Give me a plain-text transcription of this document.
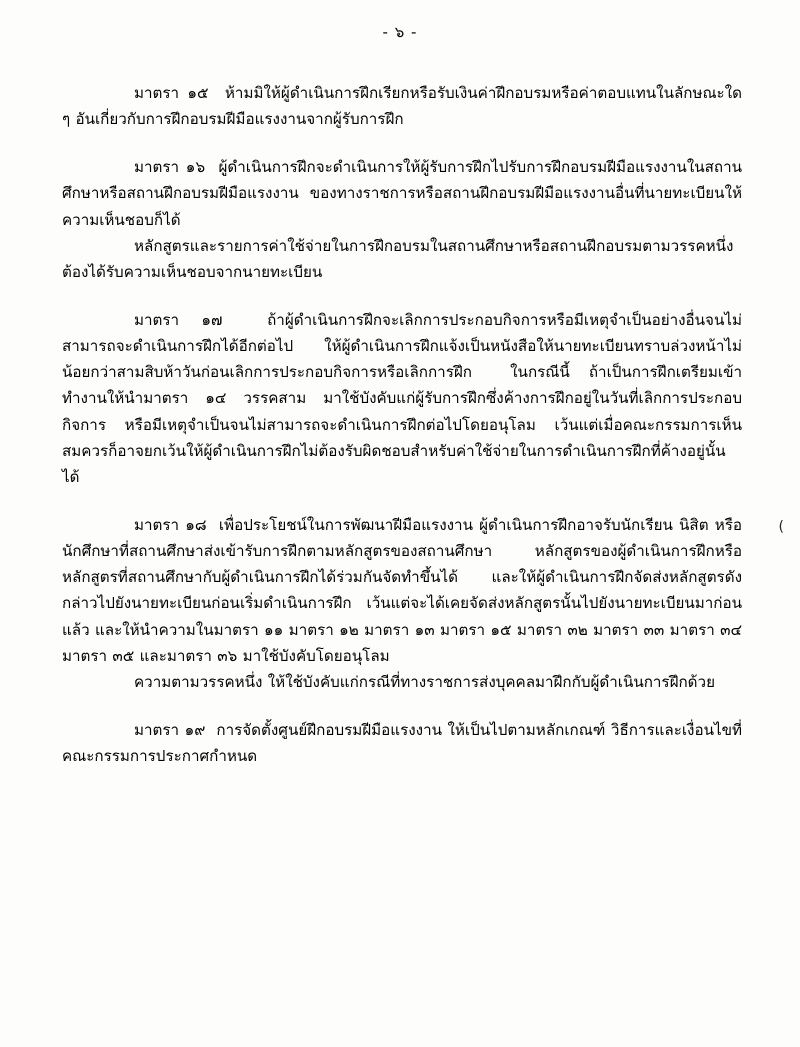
- ๖ -

มาตรา ๑๕  ห้ามมิให้ผู้ดำเนินการฝึกเรียกหรือรับเงินค่าฝึกอบรมหรือค่าตอบแทนในลักษณะใด ๆ อันเกี่ยวกับการฝึกอบรมฝีมือแรงงานจากผู้รับการฝึก

มาตรา ๑๖  ผู้ดำเนินการฝึกจะดำเนินการให้ผู้รับการฝึกไปรับการฝึกอบรมฝีมือแรงงานในสถานศึกษาหรือสถานฝึกอบรมฝีมือแรงงาน ของทางราชการหรือสถานฝึกอบรมฝีมือแรงงานอื่นที่นายทะเบียนให้ความเห็นชอบก็ได้

หลักสูตรและรายการค่าใช้จ่ายในการฝึกอบรมในสถานศึกษาหรือสถานฝึกอบรมตามวรรคหนึ่ง ต้องได้รับความเห็นชอบจากนายทะเบียน

มาตรา ๑๗  ถ้าผู้ดำเนินการฝึกจะเลิกการประกอบกิจการหรือมีเหตุจำเป็นอย่างอื่นจนไม่สามารถจะดำเนินการฝึกได้อีกต่อไป ให้ผู้ดำเนินการฝึกแจ้งเป็นหนังสือให้นายทะเบียนทราบล่วงหน้าไม่น้อยกว่าสามสิบห้าวันก่อนเลิกการประกอบกิจการหรือเลิกการฝึก  ในกรณีนี้ ถ้าเป็นการฝึกเตรียมเข้าทำงานให้นำมาตรา ๑๔ วรรคสาม มาใช้บังคับแก่ผู้รับการฝึกซึ่งค้างการฝึกอยู่ในวันที่เลิกการประกอบกิจการ หรือมีเหตุจำเป็นจนไม่สามารถจะดำเนินการฝึกต่อไปโดยอนุโลม เว้นแต่เมื่อคณะกรรมการเห็นสมควรก็อาจยกเว้นให้ผู้ดำเนินการฝึกไม่ต้องรับผิดชอบสำหรับค่าใช้จ่ายในการดำเนินการฝึกที่ค้างอยู่นั้นได้

มาตรา ๑๘  เพื่อประโยชน์ในการพัฒนาฝีมือแรงงาน ผู้ดำเนินการฝึกอาจรับนักเรียน นิสิต หรือนักศึกษาที่สถานศึกษาส่งเข้ารับการฝึกตามหลักสูตรของสถานศึกษา หลักสูตรของผู้ดำเนินการฝึกหรือหลักสูตรที่สถานศึกษากับผู้ดำเนินการฝึกได้ร่วมกันจัดทำขึ้นได้ และให้ผู้ดำเนินการฝึกจัดส่งหลักสูตรดังกล่าวไปยังนายทะเบียนก่อนเริ่มดำเนินการฝึก เว้นแต่จะได้เคยจัดส่งหลักสูตรนั้นไปยังนายทะเบียนมาก่อนแล้ว และให้นำความในมาตรา ๑๑ มาตรา ๑๒ มาตรา ๑๓ มาตรา ๑๕ มาตรา ๓๒ มาตรา ๓๓ มาตรา ๓๔ มาตรา ๓๕ และมาตรา ๓๖ มาใช้บังคับโดยอนุโลม

ความตามวรรคหนึ่ง ให้ใช้บังคับแก่กรณีที่ทางราชการส่งบุคคลมาฝึกกับผู้ดำเนินการฝึกด้วย

มาตรา ๑๙  การจัดตั้งศูนย์ฝึกอบรมฝีมือแรงงาน ให้เป็นไปตามหลักเกณฑ์ วิธีการและเงื่อนไขที่คณะกรรมการประกาศกำหนด

(
